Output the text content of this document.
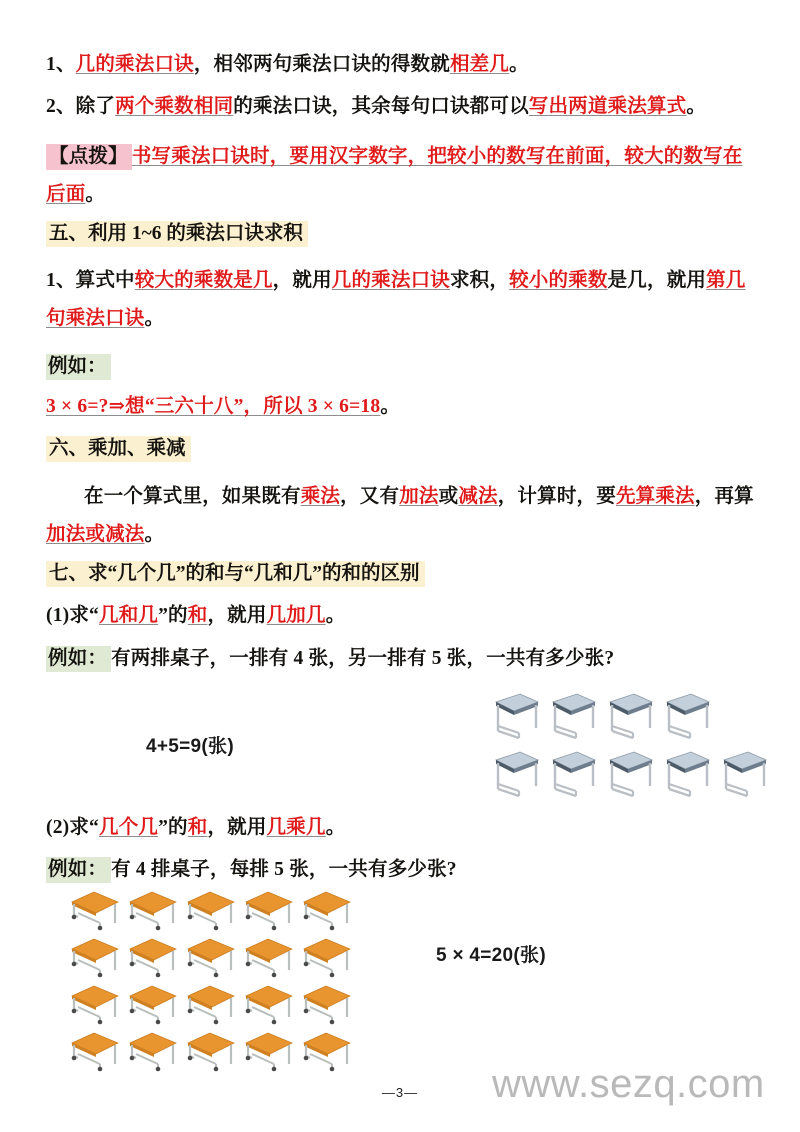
1、几的乘法口诀，相邻两句乘法口诀的得数就相差几。
2、除了两个乘数相同的乘法口诀，其余每句口诀都可以写出两道乘法算式。
【点拨】 书写乘法口诀时，要用汉字数字，把较小的数写在前面，较大的数写在后面。
五、利用 1~6 的乘法口诀求积
1、算式中较大的乘数是几，就用几的乘法口诀求积，较小的乘数是几，就用第几句乘法口诀。
例如：
3 × 6=?⇒想“三六十八”，所以 3 × 6=18。
六、乘加、乘减
在一个算式里，如果既有乘法，又有加法或减法，计算时，要先算乘法，再算加法或减法。
七、求“几个几”的和与“几和几”的和的区别
(1)求“几和几”的和，就用几加几。
例如： 有两排桌子，一排有 4 张，另一排有 5 张，一共有多少张?
4+5=9(张)
(2)求“几个几”的和，就用几乘几。
例如： 有 4 排桌子，每排 5 张，一共有多少张?
5 × 4=20(张)
—3—	www.sezq.com
